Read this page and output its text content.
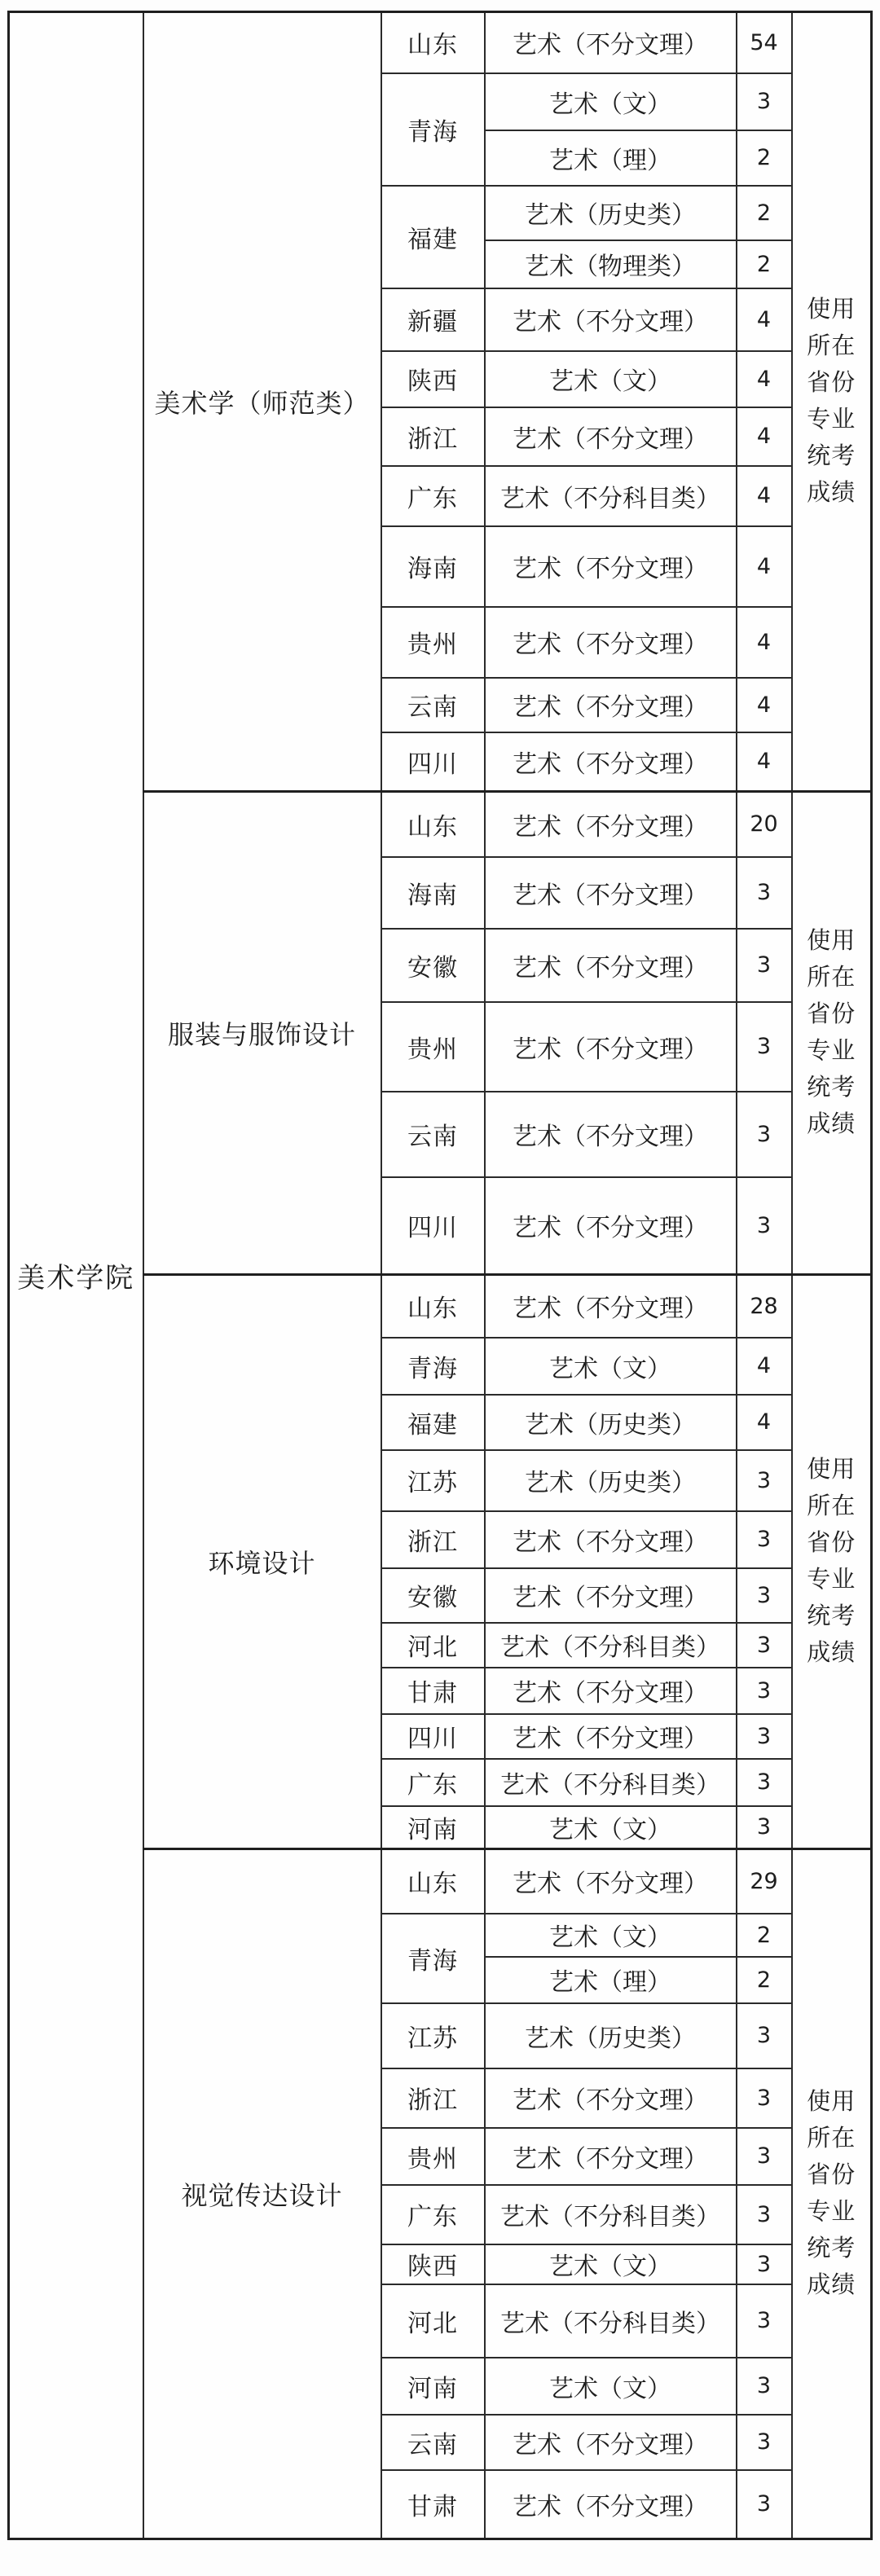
美术学院	美术学（师范类）	山东	艺术（不分文理）	54	使用所在省份专业统考成绩
		青海	艺术（文）	3	
			艺术（理）	2	
		福建	艺术（历史类）	2	
			艺术（物理类）	2	
		新疆	艺术（不分文理）	4	
		陕西	艺术（文）	4	
		浙江	艺术（不分文理）	4	
		广东	艺术（不分科目类）	4	
		海南	艺术（不分文理）	4	
		贵州	艺术（不分文理）	4	
		云南	艺术（不分文理）	4	
		四川	艺术（不分文理）	4	
	服装与服饰设计	山东	艺术（不分文理）	20	使用所在省份专业统考成绩
		海南	艺术（不分文理）	3	
		安徽	艺术（不分文理）	3	
		贵州	艺术（不分文理）	3	
		云南	艺术（不分文理）	3	
		四川	艺术（不分文理）	3	
	环境设计	山东	艺术（不分文理）	28	使用所在省份专业统考成绩
		青海	艺术（文）	4	
		福建	艺术（历史类）	4	
		江苏	艺术（历史类）	3	
		浙江	艺术（不分文理）	3	
		安徽	艺术（不分文理）	3	
		河北	艺术（不分科目类）	3	
		甘肃	艺术（不分文理）	3	
		四川	艺术（不分文理）	3	
		广东	艺术（不分科目类）	3	
		河南	艺术（文）	3	
	视觉传达设计	山东	艺术（不分文理）	29	使用所在省份专业统考成绩
		青海	艺术（文）	2	
			艺术（理）	2	
		江苏	艺术（历史类）	3	
		浙江	艺术（不分文理）	3	
		贵州	艺术（不分文理）	3	
		广东	艺术（不分科目类）	3	
		陕西	艺术（文）	3	
		河北	艺术（不分科目类）	3	
		河南	艺术（文）	3	
		云南	艺术（不分文理）	3	
		甘肃	艺术（不分文理）	3	
